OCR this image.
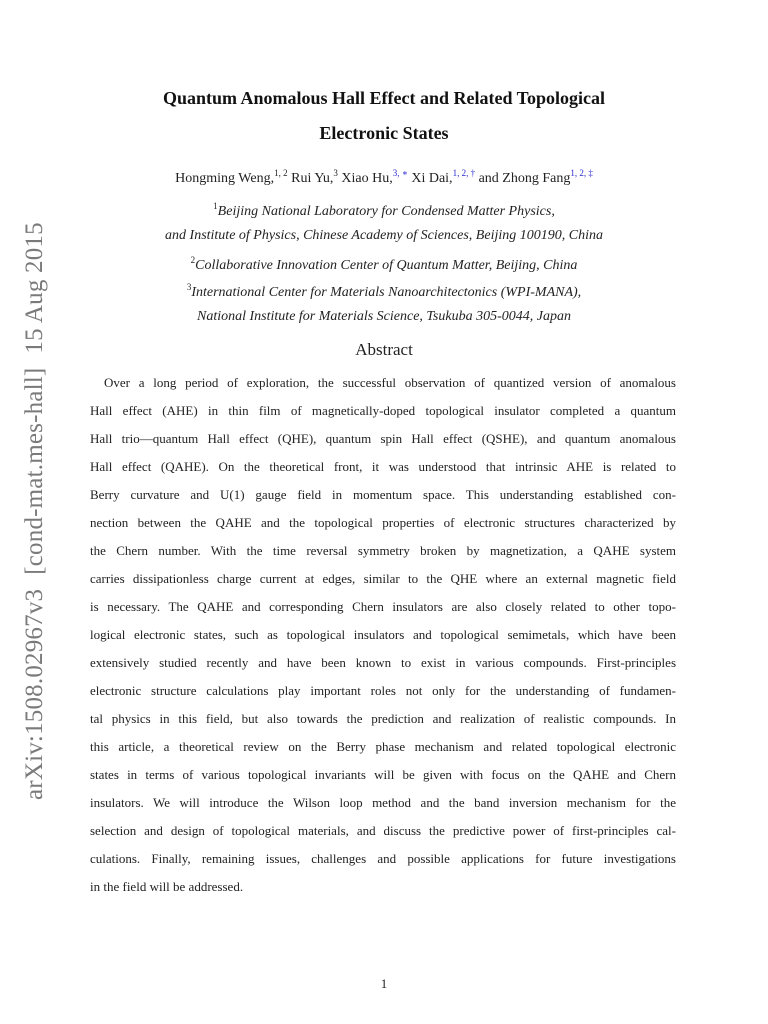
arXiv:1508.02967v3
[cond-mat.mes-hall]
15 Aug 2015
Quantum Anomalous Hall Effect and Related Topological
Electronic States
Hongming Weng,$^{1, 2}$ Rui Yu,$^3$ Xiao Hu,$^{3, ∗}$ Xi Dai,$^{1, 2, \dagger}$ and Zhong Fang$^{1, 2, \ddagger}$
$^1$Beijing National Laboratory for Condensed Matter Physics,
and Institute of Physics, Chinese Academy of Sciences, Beijing 100190, China
$^2$Collaborative Innovation Center of Quantum Matter, Beijing, China
$^3$International Center for Materials Nanoarchitectonics (WPI-MANA),
National Institute for Materials Science, Tsukuba 305-0044, Japan
Abstract
Over a long period of exploration, the successful observation of quantized version of anomalous
Hall effect (AHE) in thin film of magnetically-doped topological insulator completed a quantum
Hall trio—quantum Hall effect (QHE), quantum spin Hall effect (QSHE), and quantum anomalous
Hall effect (QAHE). On the theoretical front, it was understood that intrinsic AHE is related to
Berry curvature and U(1) gauge field in momentum space. This understanding established con-
nection between the QAHE and the topological properties of electronic structures characterized by
the Chern number. With the time reversal symmetry broken by magnetization, a QAHE system
carries dissipationless charge current at edges, similar to the QHE where an external magnetic field
is necessary. The QAHE and corresponding Chern insulators are also closely related to other topo-
logical electronic states, such as topological insulators and topological semimetals, which have been
extensively studied recently and have been known to exist in various compounds. First-principles
electronic structure calculations play important roles not only for the understanding of fundamen-
tal physics in this field, but also towards the prediction and realization of realistic compounds. In
this article, a theoretical review on the Berry phase mechanism and related topological electronic
states in terms of various topological invariants will be given with focus on the QAHE and Chern
insulators. We will introduce the Wilson loop method and the band inversion mechanism for the
selection and design of topological materials, and discuss the predictive power of first-principles cal-
culations. Finally, remaining issues, challenges and possible applications for future investigations
in the field will be addressed.
1
